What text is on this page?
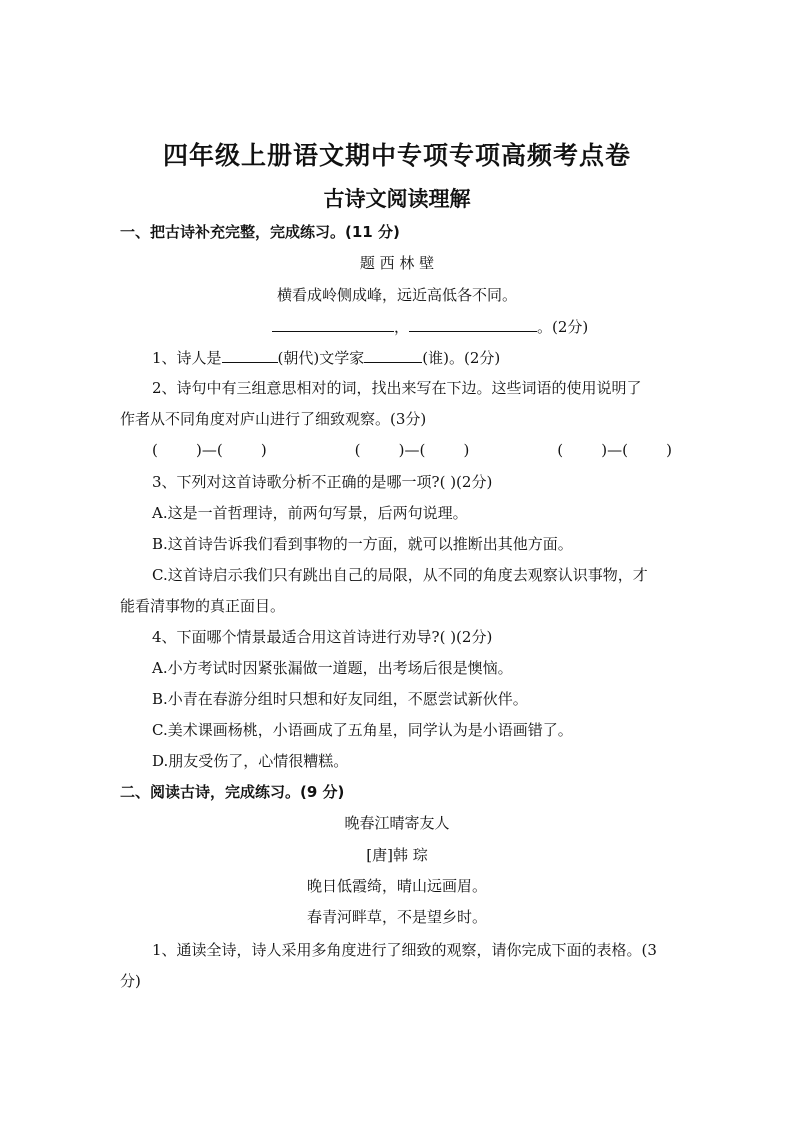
四年级上册语文期中专项专项高频考点卷
古诗文阅读理解
一、把古诗补充完整，完成练习。(11 分)
题 西 林 壁
横看成岭侧成峰，远近高低各不同。
，	。(2分)
1、诗人是	(朝代)文学家	(谁)。(2分)
2、诗句中有三组意思相对的词，找出来写在下边。这些词语的使用说明了
作者从不同角度对庐山进行了细致观察。(3分)
(        )—(        )	(        )—(        )	(        )—(        )
3、下列对这首诗歌分析不正确的是哪一项?( )(2分)
A.这是一首哲理诗，前两句写景，后两句说理。
B.这首诗告诉我们看到事物的一方面，就可以推断出其他方面。
C.这首诗启示我们只有跳出自己的局限，从不同的角度去观察认识事物，才
能看清事物的真正面目。
4、下面哪个情景最适合用这首诗进行劝导?( )(2分)
A.小方考试时因紧张漏做一道题，出考场后很是懊恼。
B.小青在春游分组时只想和好友同组，不愿尝试新伙伴。
C.美术课画杨桃，小语画成了五角星，同学认为是小语画错了。
D.朋友受伤了，心情很糟糕。
二、阅读古诗，完成练习。(9 分)
晚春江晴寄友人
[唐]韩 琮
晚日低霞绮，晴山远画眉。
春青河畔草，不是望乡时。
1、通读全诗，诗人采用多角度进行了细致的观察，请你完成下面的表格。(3
分)
